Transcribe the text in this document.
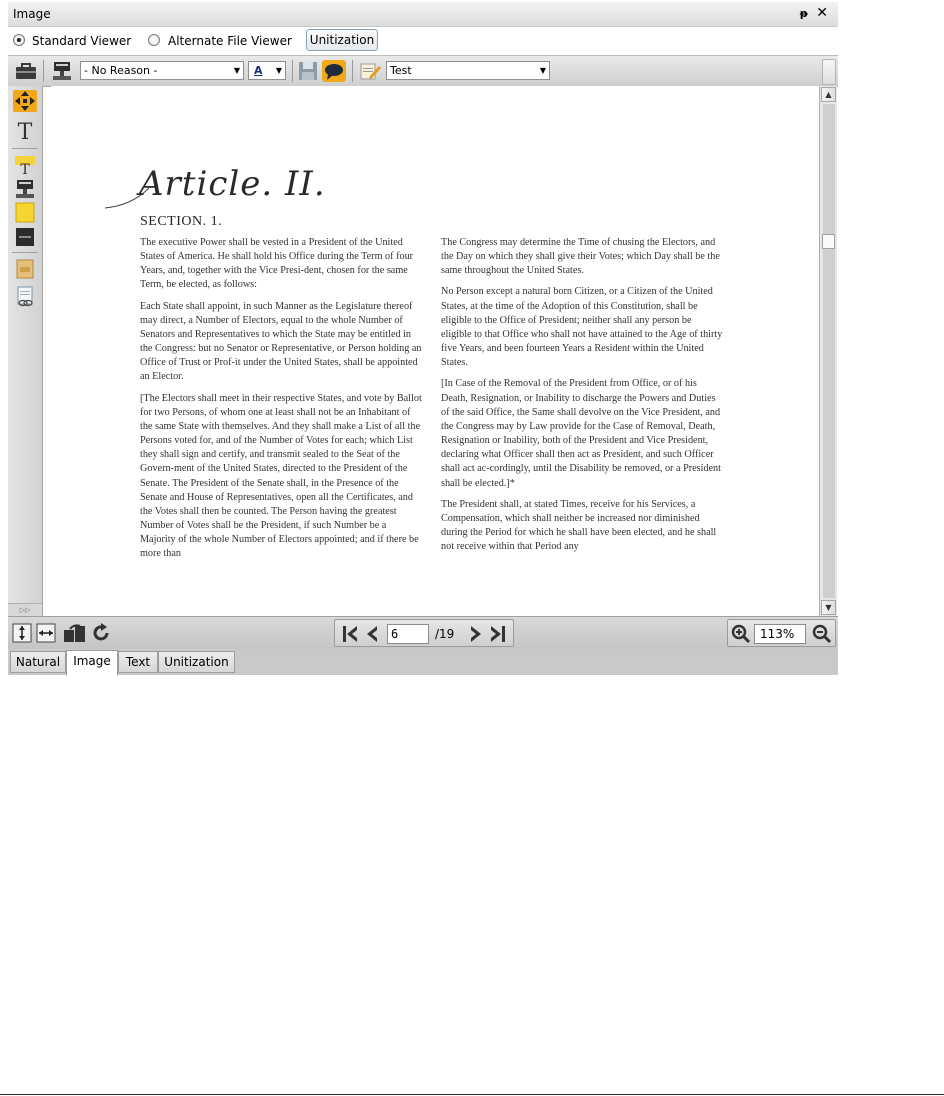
Image	ᵽ ✕
Standard Viewer	Alternate File Viewer	Unitization
- No Reason -	▼	A ▼	Test	▼
T
T
▷▷
Article. II.
SECTION. 1.

The executive Power shall be vested in a President of the United States of America. He shall hold his Office during the Term of four Years, and, together with the Vice Presi-dent, chosen for the same Term, be elected, as follows:

Each State shall appoint, in such Manner as the Legislature thereof may direct, a Number of Electors, equal to the whole Number of Senators and Representatives to which the State may be entitled in the Congress: but no Senator or Representative, or Person holding an Office of Trust or Prof-it under the United States, shall be appointed an Elector.

[The Electors shall meet in their respective States, and vote by Ballot for two Persons, of whom one at least shall not be an Inhabitant of the same State with themselves. And they shall make a List of all the Persons voted for, and of the Number of Votes for each; which List they shall sign and certify, and transmit sealed to the Seat of the Govern-ment of the United States, directed to the President of the Senate. The President of the Senate shall, in the Presence of the Senate and House of Representatives, open all the Certificates, and the Votes shall then be counted. The Person having the greatest Number of Votes shall be the President, if such Number be a Majority of the whole Number of Electors appointed; and if there be more than

The Congress may determine the Time of chusing the Electors, and the Day on which they shall give their Votes; which Day shall be the same throughout the United States.

No Person except a natural born Citizen, or a Citizen of the United States, at the time of the Adoption of this Constitution, shall be eligible to the Office of President; neither shall any person be eligible to that Office who shall not have attained to the Age of thirty five Years, and been fourteen Years a Resident within the United States.

[In Case of the Removal of the President from Office, or of his Death, Resignation, or Inability to discharge the Powers and Duties of the said Office, the Same shall devolve on the Vice President, and the Congress may by Law provide for the Case of Removal, Death, Resignation or Inability, both of the President and Vice President, declaring what Officer shall then act as President, and such Officer shall act ac-cordingly, until the Disability be removed, or a President shall be elected.]*

The President shall, at stated Times, receive for his Services, a Compensation, which shall neither be increased nor diminished during the Period for which he shall have been elected, and he shall not receive within that Period any

▲
▼
6	/19	113%
Natural	Image	Text	Unitization
